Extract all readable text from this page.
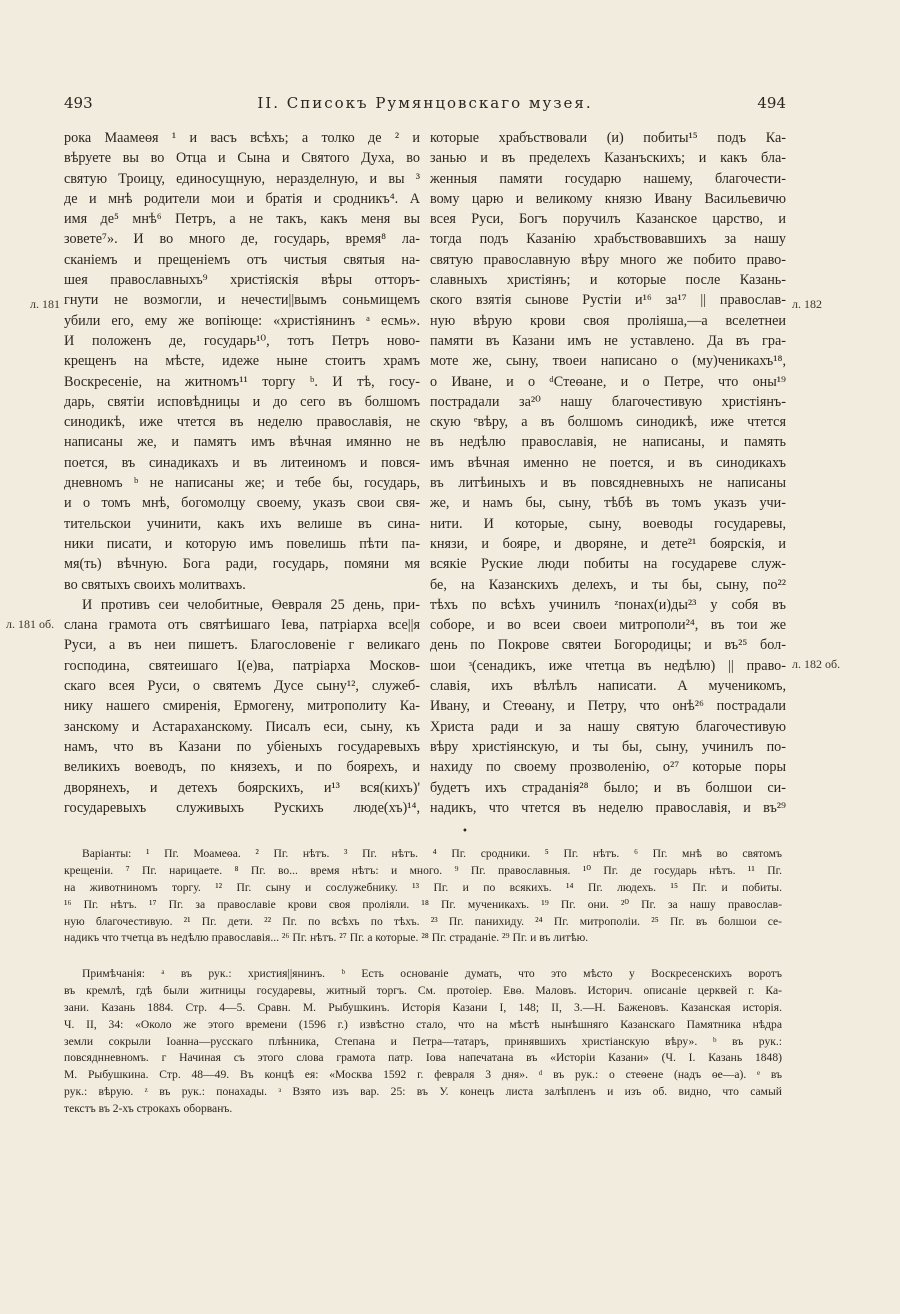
493	II. Списокъ Румянцовскаго музея.	494
л. 181
л. 181 об.
л. 182
л. 182 об.
рока Маамеөя ¹ и васъ всѣхъ; а толко де ² и
вѣруете вы во Отца и Сына и Святого Духа, во
святую Троицу, единосущную, неразделную, и вы ³
де и мнѣ родители мои и братія и сродникъ⁴. А
имя де⁵ мнѣ⁶ Петръ, а не такъ, какъ меня вы
зовете⁷». И во много де, государь, время⁸ ла-
сканіемъ и прещеніемъ отъ чистыя святыя на-
шея православныхъ⁹ христіяскія вѣры отторъ-
гнути не возмогли, и нечести||вымъ соньмищемъ
убили его, ему же вопіюще: «христіянинъ ᵃ есмь».
И положенъ де, государь¹⁰, тотъ Петръ ново-
крещенъ на мѣсте, идеже ныне стоитъ храмъ
Воскресеніе, на житномъ¹¹ торгу ᵇ. И тѣ, госу-
дарь, святіи исповѣдницы и до сего въ болшомъ
синодикѣ, иже чтется въ неделю православія, не
написаны же, и памятъ имъ вѣчная имянно не
поется, въ синадикахъ и въ литеиномъ и повся-
дневномъ ᵇ не написаны же; и тебе бы, государь,
и о томъ мнѣ, богомолцу своему, указъ свои свя-
тительскои учинити, какъ ихъ велише въ сина-
ники писати, и которую имъ повелишь пѣти па-
мя(ть) вѣчную. Бога ради, государь, помяни мя
во святыхъ своихъ молитвахъ.
И противъ сеи челобитные, Өевраля 25 день, при-
слана грамота отъ святѣишаго Іева, патріарха все||я
Руси, а въ неи пишетъ. Благословеніе ᴦ великаго
господина, святеишаго І(е)ва, патріарха Москов-
скаго всея Руси, о святемъ Дусе сыну¹², служеб-
нику нашего смиренія, Ермогену, митрополиту Ка-
занскому и Астараханскому. Писалъ еси, сыну, къ
намъ, что въ Казани по убіеныхъ государевыхъ
великихъ воеводъ, по князехъ, и по боярехъ, и
дворянехъ, и детехъ боярскихъ, и¹³ вся(кихъ)'
государевыхъ служивыхъ Рускихъ люде(хъ)¹⁴,
которые храбъствовали (и) побиты¹⁵ подъ Ка-
занью и въ пределехъ Казанъскихъ; и какъ бла-
женныя памяти государю нашему, благочести-
вому царю и великому князю Ивану Васильевичю
всея Руси, Богъ поручилъ Казанское царство, и
тогда подъ Казанію храбъствовавшихъ за нашу
святую православную вѣру много же побито право-
славныхъ христіянъ; и которые после Казань-
ского взятія сынове Рустіи и¹⁶ за¹⁷ || православ-
ную вѣрую крови своя проліяша,—а вселетнеи
памяти въ Казани имъ не уставлено. Да въ гра-
моте же, сыну, твоеи написано о (му)ченикахъ¹⁸,
о Иване, и о ᵈСтеөане, и о Петре, что оны¹⁹
пострадали за²⁰ нашу благочестивую христіянъ-
скую ᵉвѣру, а въ болшомъ синодикѣ, иже чтется
въ недѣлю православія, не написаны, и память
имъ вѣчная именно не поется, и въ синодикахъ
въ литѣиныхъ и въ повсядневныхъ не написаны
же, и намъ бы, сыну, тѣбѣ въ томъ указъ учи-
нити. И которые, сыну, воеводы государевы,
князи, и бояре, и дворяне, и дете²¹ боярскія, и
всякіе Руские люди побиты на государеве служ-
бе, на Казанскихъ делехъ, и ты бы, сыну, по²²
тѣхъ по всѣхъ учинилъ ᶻпонах(и)ды²³ у собя въ
соборе, и во всеи своеи митрополи²⁴, въ тои же
день по Покрове святеи Богородицы; и въ²⁵ бол-
шои ᶟ(сенадикъ, иже чтетца въ недѣлю) || право-
славія, ихъ вѣлѣлъ написати. А мученикомъ,
Ивану, и Стеөану, и Петру, что онѣ²⁶ пострадали
Христа ради и за нашу святую благочестивую
вѣру христіянскую, и ты бы, сыну, учинилъ по-
нахиду по своему прозволенію, о²⁷ которые поры
будетъ ихъ страданія²⁸ было; и въ болшои си-
надикъ, что чтется въ неделю православія, и въ²⁹
•
Варіанты: ¹ Пг. Моамеөа. ² Пг. нѣтъ. ³ Пг. нѣтъ. ⁴ Пг. сродники. ⁵ Пг. нѣтъ. ⁶ Пг. мнѣ во святомъ
крещеніи. ⁷ Пг. нарицаете. ⁸ Пг. во... время нѣтъ: и много. ⁹ Пг. православныя. ¹⁰ Пг. де государь нѣтъ. ¹¹ Пг.
на животниномъ торгу. ¹² Пг. сыну и сослужебнику. ¹³ Пг. и по всякихъ. ¹⁴ Пг. людехъ. ¹⁵ Пг. и побиты.
¹⁶ Пг. нѣтъ. ¹⁷ Пг. за православіе крови своя проліяли. ¹⁸ Пг. мученикахъ. ¹⁹ Пг. они. ²⁰ Пг. за нашу православ-
ную благочестивую. ²¹ Пг. дети. ²² Пг. по всѣхъ по тѣхъ. ²³ Пг. панихиду. ²⁴ Пг. митрополіи. ²⁵ Пг. въ болшои се-
надикъ что тчетца въ недѣлю православія... ²⁶ Пг. нѣтъ. ²⁷ Пг. а которые. ²⁸ Пг. страданіе. ²⁹ Пг. и въ литѣю.
Примѣчанія: ᵃ въ рук.: христия||янинъ. ᵇ Есть основаніе думать, что это мѣсто у Воскресенскихъ воротъ
въ кремлѣ, гдѣ были житницы государевы, житный торгъ. См. протоіер. Евө. Маловъ. Историч. описаніе церквей г. Ка-
зани. Казань 1884. Стр. 4—5. Сравн. М. Рыбушкинъ. Исторія Казани I, 148; II, 3.—Н. Баженовъ. Казанская исторія.
Ч. II, 34: «Около же этого времени (1596 г.) извѣстно стало, что на мѣстѣ нынѣшняго Казанскаго Памятника нѣдра
земли сокрыли Іоанна—русскаго плѣнника, Степана и Петра—татаръ, принявшихъ христіанскую вѣру». ᵇ въ рук.:
повсяднневномъ. ᴦ Начиная съ этого слова грамота патр. Іова напечатана въ «Исторіи Казани» (Ч. I. Казань 1848)
М. Рыбушкина. Стр. 48—49. Въ концѣ ея: «Москва 1592 г. февраля 3 дня». ᵈ въ рук.: о стеөене (надъ өе—а). ᵉ въ
рук.: вѣрую. ᶻ въ рук.: понахады. ᶟ Взято изъ вар. 25: въ У. конецъ листа залѣпленъ и изъ об. видно, что самый
текстъ въ 2-хъ строкахъ оборванъ.
